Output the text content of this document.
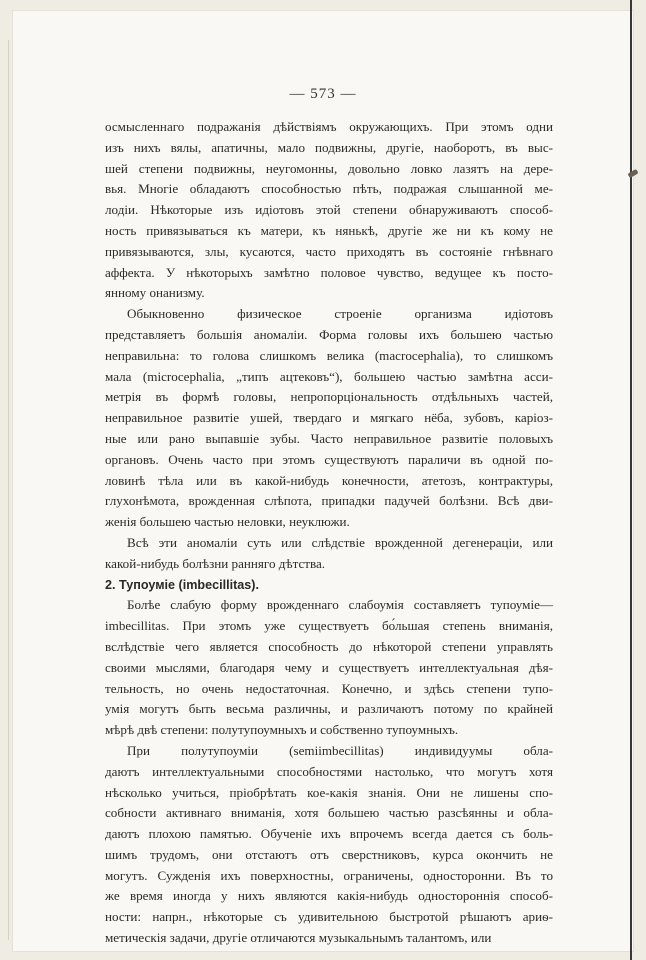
— 573 —
осмысленнаго подражанія дѣйствіямъ окружающихъ. При этомъ одни
изъ нихъ вялы, апатичны, мало подвижны, другіе, наоборотъ, въ выс-
шей степени подвижны, неугомонны, довольно ловко лазятъ на дере-
вья. Многіе обладаютъ способностью пѣть, подражая слышанной ме-
лодіи. Нѣкоторые изъ идіотовъ этой степени обнаруживаютъ способ-
ность привязываться къ матери, къ нянькѣ, другіе же ни къ кому не
привязываются, злы, кусаются, часто приходятъ въ состояніе гнѣвнаго
аффекта. У нѣкоторыхъ замѣтно половое чувство, ведущее къ посто-
янному онанизму.
Обыкновенно физическое строеніе организма идіотовъ
представляетъ большія аномаліи. Форма головы ихъ большею частью
неправильна: то голова слишкомъ велика (macrocephalia), то слишкомъ
мала (microcephalia, „типъ ацтековъ“), большею частью замѣтна асси-
метрія въ формѣ головы, непропорціональность отдѣльныхъ частей,
неправильное развитіе ушей, твердаго и мягкаго нёба, зубовъ, каріоз-
ные или рано выпавшіе зубы. Часто неправильное развитіе половыхъ
органовъ. Очень часто при этомъ существуютъ параличи въ одной по-
ловинѣ тѣла или въ какой-нибудь конечности, атетозъ, контрактуры,
глухонѣмота, врожденная слѣпота, припадки падучей болѣзни. Всѣ дви-
женія большею частью неловки, неуклюжи.
Всѣ эти аномаліи суть или слѣдствіе врожденной дегенераціи, или
какой-нибудь болѣзни ранняго дѣтства.
2. Тупоумie (imbecillitas).
Болѣе слабую форму врожденнаго слабоумія составляетъ тупоуміе—
imbecillitas. При этомъ уже существуетъ бо́льшая степень вниманія,
вслѣдствіе чего является способность до нѣкоторой степени управлять
своими мыслями, благодаря чему и существуетъ интеллектуальная дѣя-
тельность, но очень недостаточная. Конечно, и здѣсь степени тупо-
умія могутъ быть весьма различны, и различаютъ потому по крайней
мѣрѣ двѣ степени: полутупоумныхъ и собственно тупоумныхъ.
При полутупоуміи (semiimbecillitas) индивидуумы обла-
даютъ интеллектуальными способностями настолько, что могутъ хотя
нѣсколько учиться, пріобрѣтать кое-какія знанія. Они не лишены спо-
собности активнаго вниманія, хотя большею частью разсѣянны и обла-
даютъ плохою памятью. Обученіе ихъ впрочемъ всегда дается съ боль-
шимъ трудомъ, они отстаютъ отъ сверстниковъ, курса окончить не
могутъ. Сужденія ихъ поверхностны, ограничены, односторонни. Въ то
же время иногда у нихъ являются какія-нибудь одностороннія способ-
ности: напрн., нѣкоторые съ удивительною быстротой рѣшаютъ ариѳ-
метическія задачи, другіе отличаются музыкальнымъ талантомъ, или
